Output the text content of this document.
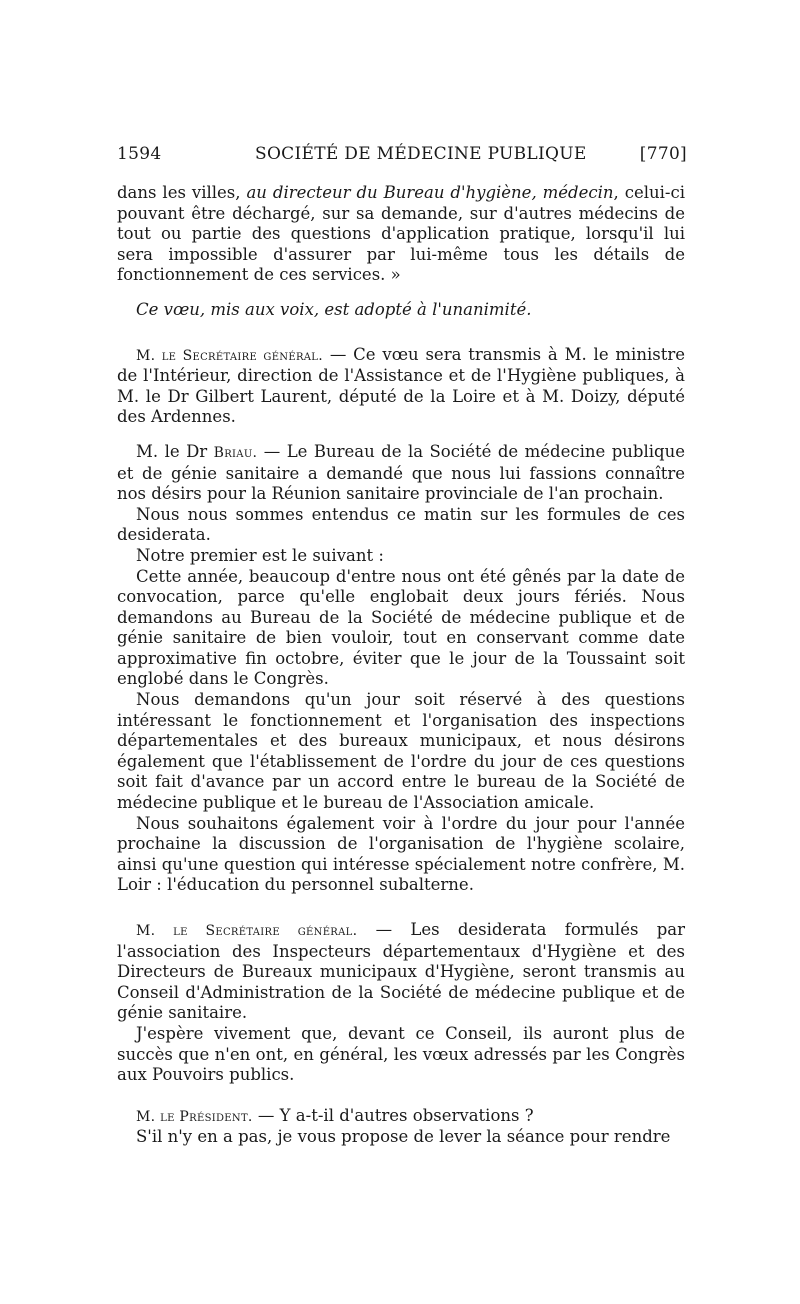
1594	SOCIÉTÉ DE MÉDECINE PUBLIQUE	[770]

dans les villes, au directeur du Bureau d'hygiène, médecin, celui-ci pouvant être déchargé, sur sa demande, sur d'autres médecins de tout ou partie des questions d'application pratique, lorsqu'il lui sera impossible d'assurer par lui-même tous les détails de fonctionnement de ces services. »

Ce vœu, mis aux voix, est adopté à l'unanimité.

M. le Secrétaire général. — Ce vœu sera transmis à M. le ministre de l'Intérieur, direction de l'Assistance et de l'Hygiène publiques, à M. le Dr Gilbert Laurent, député de la Loire et à M. Doizy, député des Ardennes.

M. le Dr Briau. — Le Bureau de la Société de médecine publique et de génie sanitaire a demandé que nous lui fassions connaître nos désirs pour la Réunion sanitaire provinciale de l'an prochain.

Nous nous sommes entendus ce matin sur les formules de ces desiderata.

Notre premier est le suivant :

Cette année, beaucoup d'entre nous ont été gênés par la date de convocation, parce qu'elle englobait deux jours fériés. Nous demandons au Bureau de la Société de médecine publique et de génie sanitaire de bien vouloir, tout en conservant comme date approximative fin octobre, éviter que le jour de la Toussaint soit englobé dans le Congrès.

Nous demandons qu'un jour soit réservé à des questions intéressant le fonctionnement et l'organisation des inspections départementales et des bureaux municipaux, et nous désirons également que l'établissement de l'ordre du jour de ces questions soit fait d'avance par un accord entre le bureau de la Société de médecine publique et le bureau de l'Association amicale.

Nous souhaitons également voir à l'ordre du jour pour l'année prochaine la discussion de l'organisation de l'hygiène scolaire, ainsi qu'une question qui intéresse spécialement notre confrère, M. Loir : l'éducation du personnel subalterne.

M. le Secrétaire général. — Les desiderata formulés par l'association des Inspecteurs départementaux d'Hygiène et des Directeurs de Bureaux municipaux d'Hygiène, seront transmis au Conseil d'Administration de la Société de médecine publique et de génie sanitaire.

J'espère vivement que, devant ce Conseil, ils auront plus de succès que n'en ont, en général, les vœux adressés par les Congrès aux Pouvoirs publics.

M. le Président. — Y a-t-il d'autres observations ?

S'il n'y en a pas, je vous propose de lever la séance pour rendre
